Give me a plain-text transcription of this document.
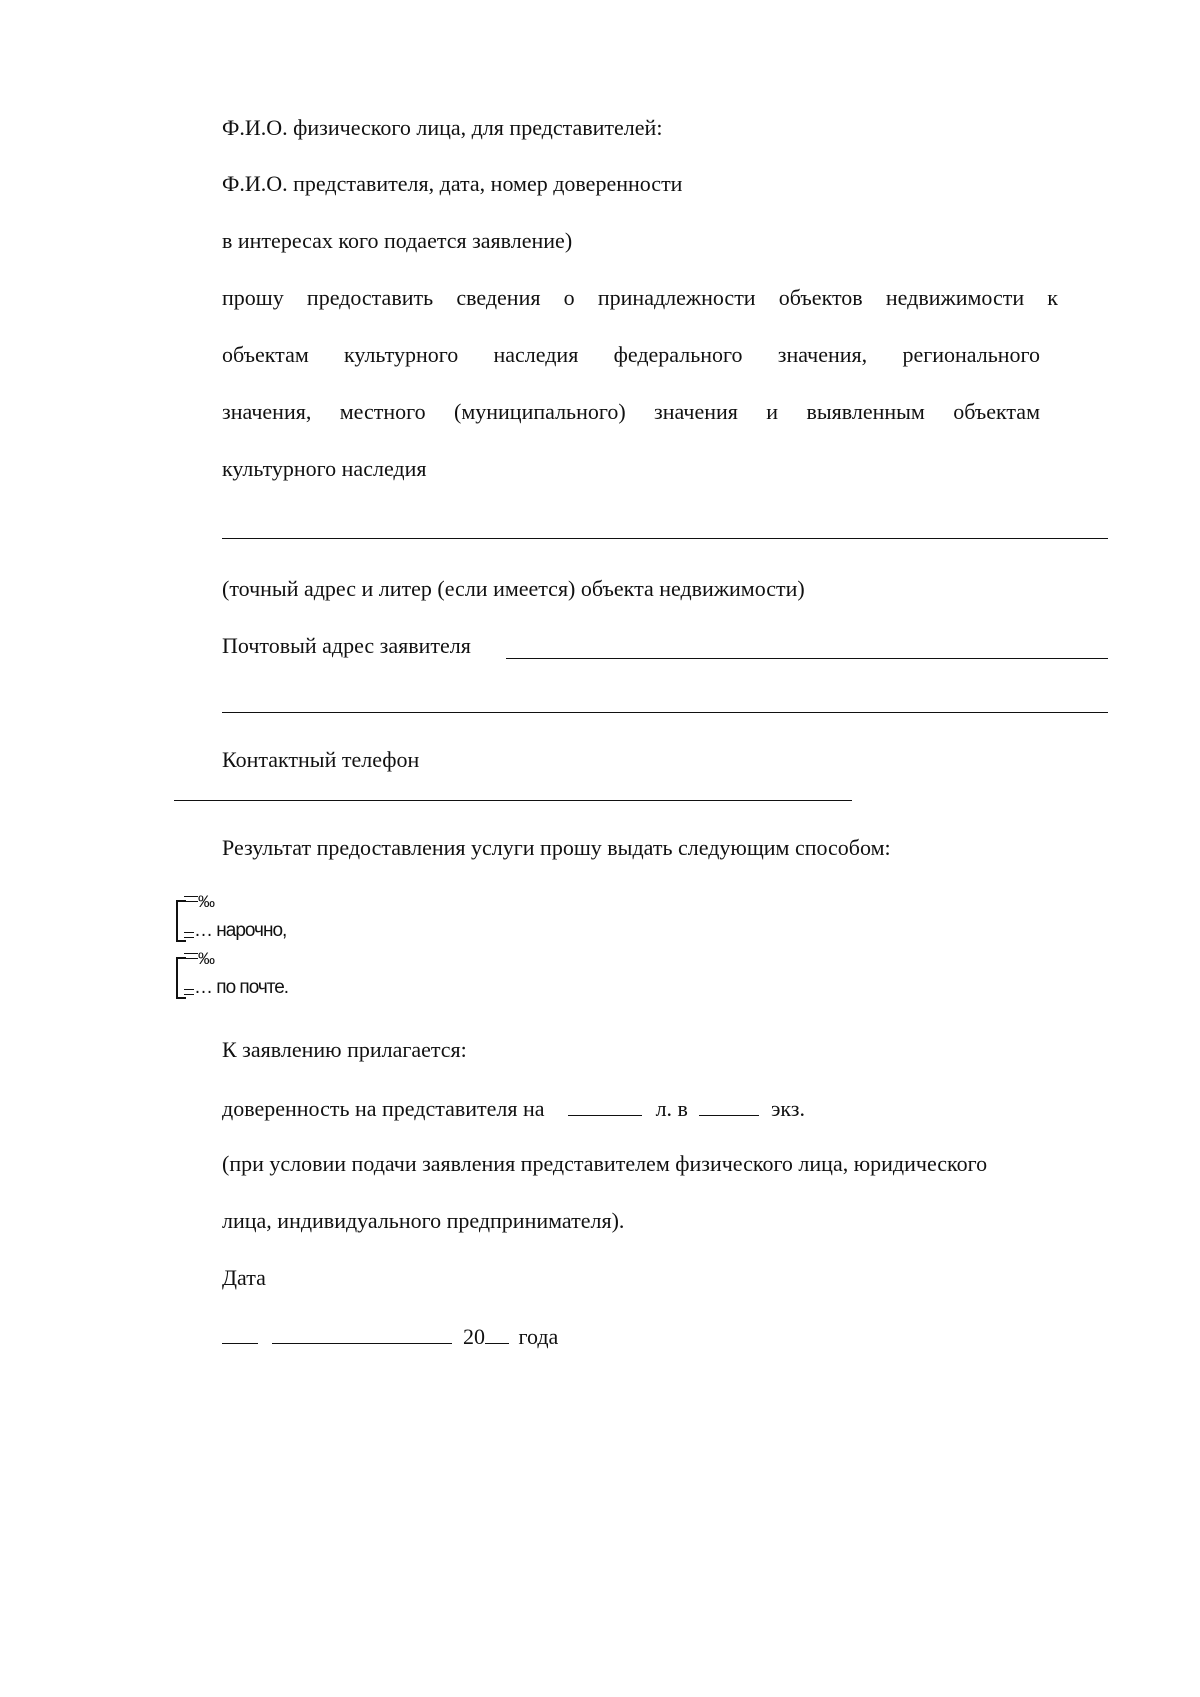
Ф.И.О. физического лица, для представителей:
Ф.И.О. представителя, дата, номер доверенности
в интересах кого подается заявление)
прошу предоставить сведения о принадлежности объектов недвижимости к
объектам культурного наследия федерального значения, регионального
значения, местного (муниципального) значения и выявленным объектам
культурного наследия
(точный адрес и литер (если имеется) объекта недвижимости)
Почтовый адрес заявителя
Контактный телефон
Результат предоставления услуги прошу выдать следующим способом:
‰
… нарочно,
‰
… по почте.
К заявлению прилагается:
доверенность на представителя на	л. в	экз.
(при условии подачи заявления представителем физического лица, юридического
лица, индивидуального предпринимателя).
Дата
20 года
